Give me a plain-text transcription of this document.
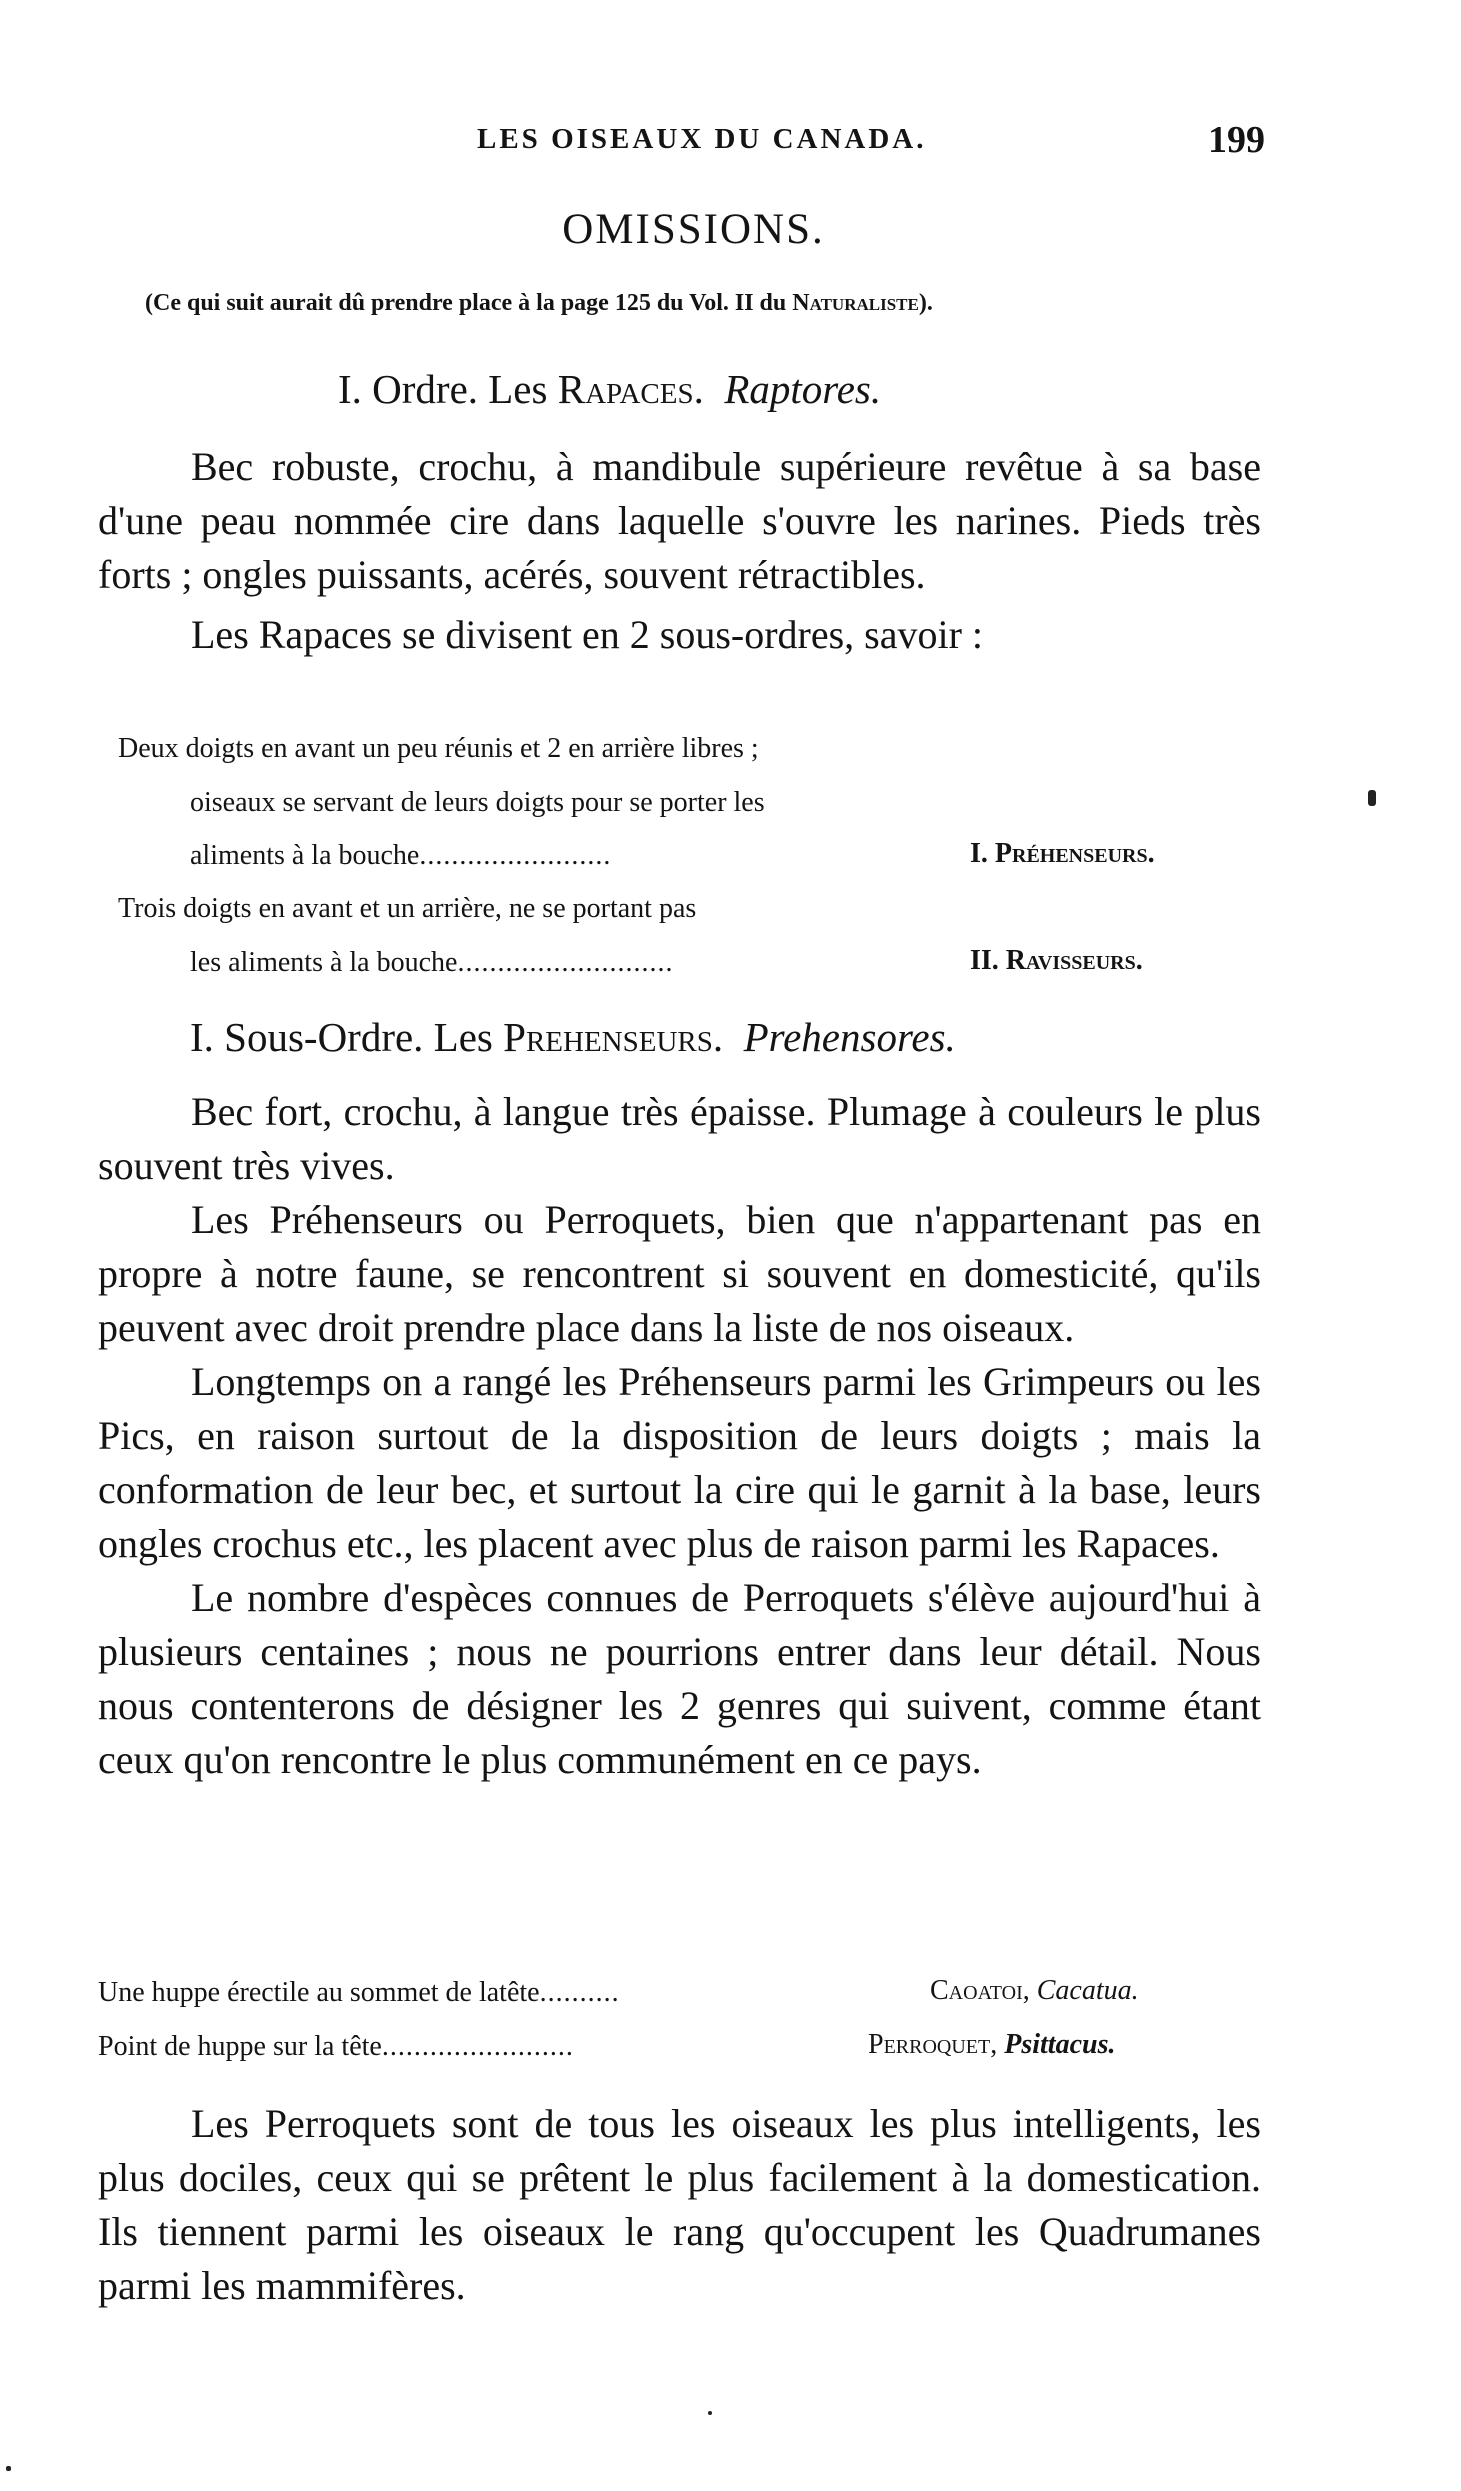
LES OISEAUX DU CANADA.	199
OMISSIONS.
(Ce qui suit aurait dû prendre place à la page 125 du Vol. II du Naturaliste).
I. Ordre. Les Rapaces. Raptores.

Bec robuste, crochu, à mandibule supérieure revêtue à sa base d'une peau nommée cire dans laquelle s'ouvre les narines. Pieds très forts ; ongles puissants, acérés, souvent rétractibles.

Les Rapaces se divisent en 2 sous-ordres, savoir :

Deux doigts en avant un peu réunis et 2 en arrière libres ;
oiseaux se servant de leurs doigts pour se porter les
aliments à la bouche........................	I. Préhenseurs.
Trois doigts en avant et un arrière, ne se portant pas
les aliments à la bouche...........................	II. Ravisseurs.
I. Sous-Ordre. Les Prehenseurs. Prehensores.

Bec fort, crochu, à langue très épaisse. Plumage à couleurs le plus souvent très vives.

Les Préhenseurs ou Perroquets, bien que n'appartenant pas en propre à notre faune, se rencontrent si souvent en domesticité, qu'ils peuvent avec droit prendre place dans la liste de nos oiseaux.

Longtemps on a rangé les Préhenseurs parmi les Grimpeurs ou les Pics, en raison surtout de la disposition de leurs doigts ; mais la conformation de leur bec, et surtout la cire qui le garnit à la base, leurs ongles crochus etc., les placent avec plus de raison parmi les Rapaces.

Le nombre d'espèces connues de Perroquets s'élève aujourd'hui à plusieurs centaines ; nous ne pourrions entrer dans leur détail. Nous nous contenterons de désigner les 2 genres qui suivent, comme étant ceux qu'on rencontre le plus communément en ce pays.

Une huppe érectile au sommet de latête..........	Caoatoi, Cacatua.
Point de huppe sur la tête........................	Perroquet, Psittacus.

Les Perroquets sont de tous les oiseaux les plus intelligents, les plus dociles, ceux qui se prêtent le plus facilement à la domestication. Ils tiennent parmi les oiseaux le rang qu'occupent les Quadrumanes parmi les mammifères.
